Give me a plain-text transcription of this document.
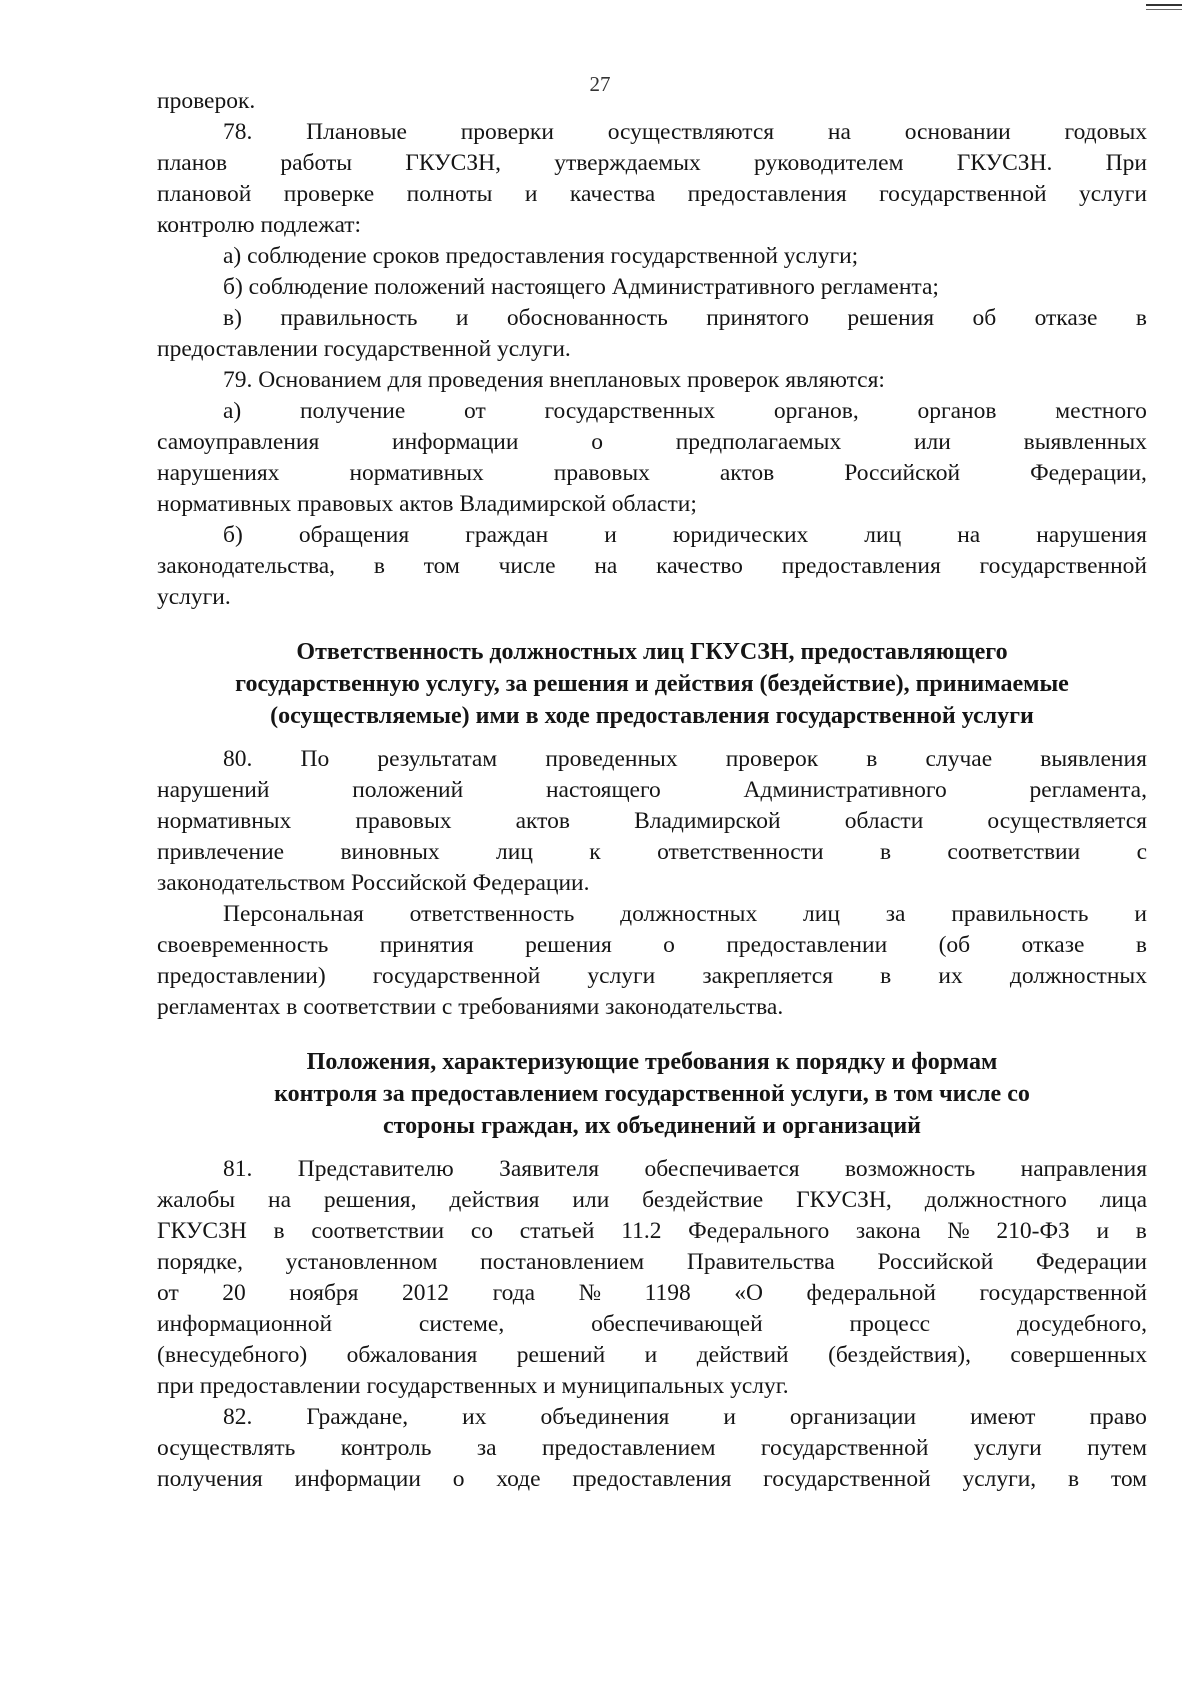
27
проверок.
78. Плановые проверки осуществляются на основании годовых
планов работы ГКУСЗН, утверждаемых руководителем ГКУСЗН. При
плановой проверке полноты и качества предоставления государственной услуги
контролю подлежат:
а) соблюдение сроков предоставления государственной услуги;
б) соблюдение положений настоящего Административного регламента;
в) правильность и обоснованность принятого решения об отказе в
предоставлении государственной услуги.
79. Основанием для проведения внеплановых проверок являются:
а) получение от государственных органов, органов местного
самоуправления	информации	о	предполагаемых	или	выявленных
нарушениях	нормативных	правовых	актов	Российской	Федерации,
нормативных правовых актов Владимирской области;
б) обращения граждан и юридических лиц на нарушения
законодательства, в том числе на качество предоставления государственной
услуги.
Ответственность должностных лиц ГКУСЗН, предоставляющего
государственную услугу, за решения и действия (бездействие), принимаемые
(осуществляемые) ими в ходе предоставления государственной услуги
80. По результатам проведенных проверок в случае выявления
нарушений	положений	настоящего	Административного	регламента,
нормативных	правовых	актов	Владимирской	области	осуществляется
привлечение виновных лиц к ответственности в соответствии с
законодательством Российской Федерации.
Персональная ответственность должностных лиц за правильность и
своевременность принятия решения о предоставлении (об отказе в
предоставлении) государственной услуги закрепляется в их должностных
регламентах в соответствии с требованиями законодательства.
Положения, характеризующие требования к порядку и формам
контроля за предоставлением государственной услуги, в том числе со
стороны граждан, их объединений и организаций
81. Представителю Заявителя обеспечивается возможность направления
жалобы на решения, действия или бездействие ГКУСЗН, должностного лица
ГКУСЗН в соответствии со статьей 11.2 Федерального закона № 210-ФЗ и в
порядке, установленном постановлением Правительства Российской Федерации
от 20 ноября 2012 года № 1198 «О федеральной государственной
информационной	системе,	обеспечивающей	процесс	досудебного,
(внесудебного) обжалования решений и действий (бездействия), совершенных
при предоставлении государственных и муниципальных услуг.
82. Граждане, их объединения и организации имеют право
осуществлять контроль за предоставлением государственной услуги путем
получения информации о ходе предоставления государственной услуги, в том
